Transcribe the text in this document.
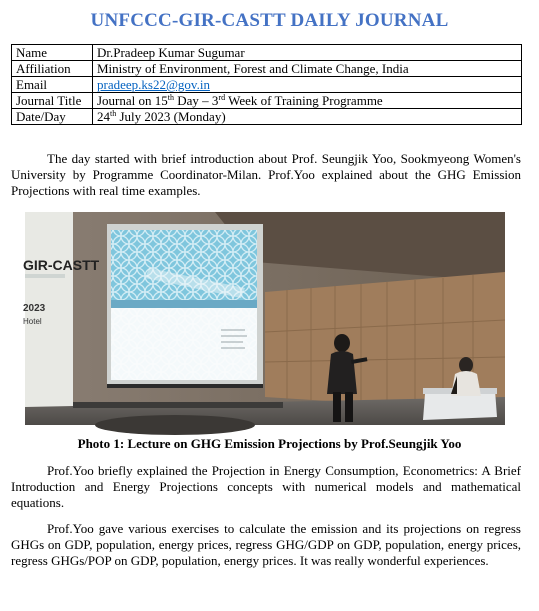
UNFCCC-GIR-CASTT DAILY JOURNAL
Name	Dr.Pradeep Kumar Sugumar
Affiliation	Ministry of Environment, Forest and Climate Change, India
Email	pradeep.ks22@gov.in
Journal Title	Journal on 15th Day – 3rd Week of Training Programme
Date/Day	24th July 2023 (Monday)

The day started with brief introduction about Prof. Seungjik Yoo, Sookmyeong Women's University by Programme Coordinator-Milan. Prof.Yoo explained about the GHG Emission Projections with real time examples.

GIR-CASTT
2023
Hotel
Photo 1: Lecture on GHG Emission Projections by Prof.Seungjik Yoo

Prof.Yoo briefly explained the Projection in Energy Consumption, Econometrics: A Brief Introduction and Energy Projections concepts with numerical models and mathematical equations.

Prof.Yoo gave various exercises to calculate the emission and its projections on regress GHGs on GDP, population, energy prices, regress GHG/GDP on GDP, population, energy prices, regress GHGs/POP on GDP, population, energy prices. It was really wonderful experiences.
